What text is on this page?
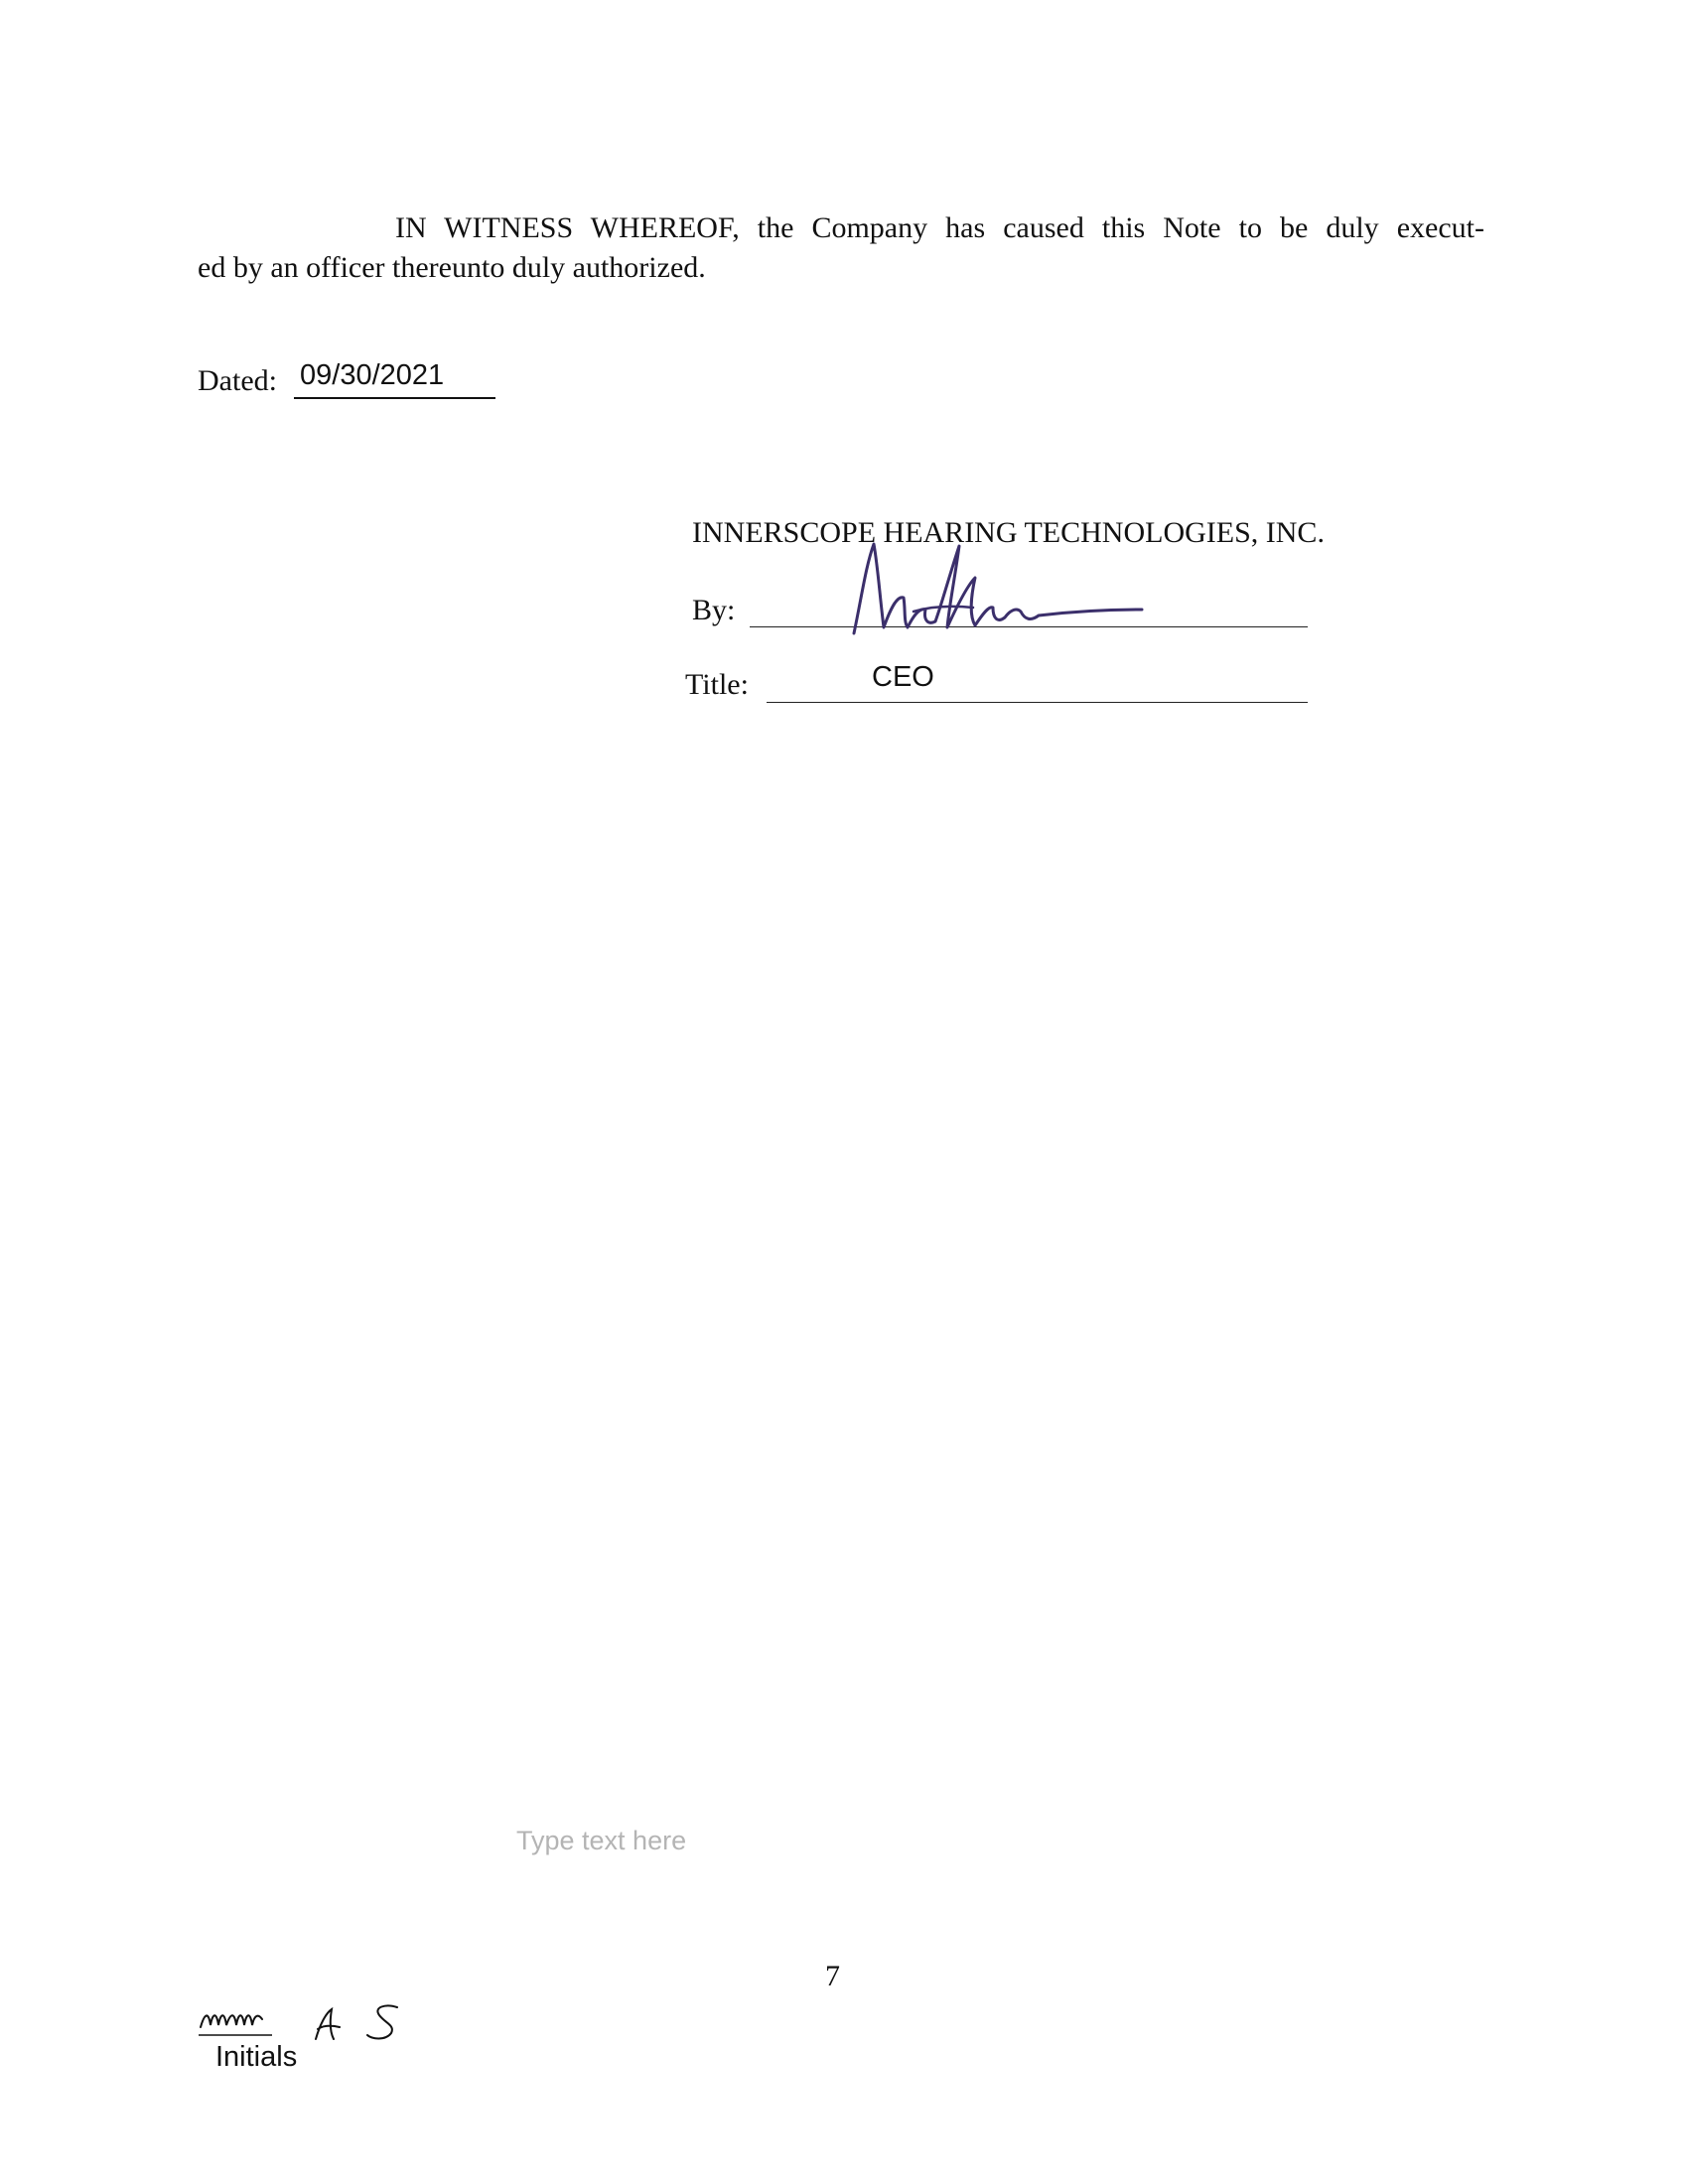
IN WITNESS WHEREOF, the Company has caused this Note to be duly execut-
ed by an officer thereunto duly authorized.
Dated: 09/30/2021
INNERSCOPE HEARING TECHNOLOGIES, INC.
By:
Title:	CEO
Type text here
7
Initials
